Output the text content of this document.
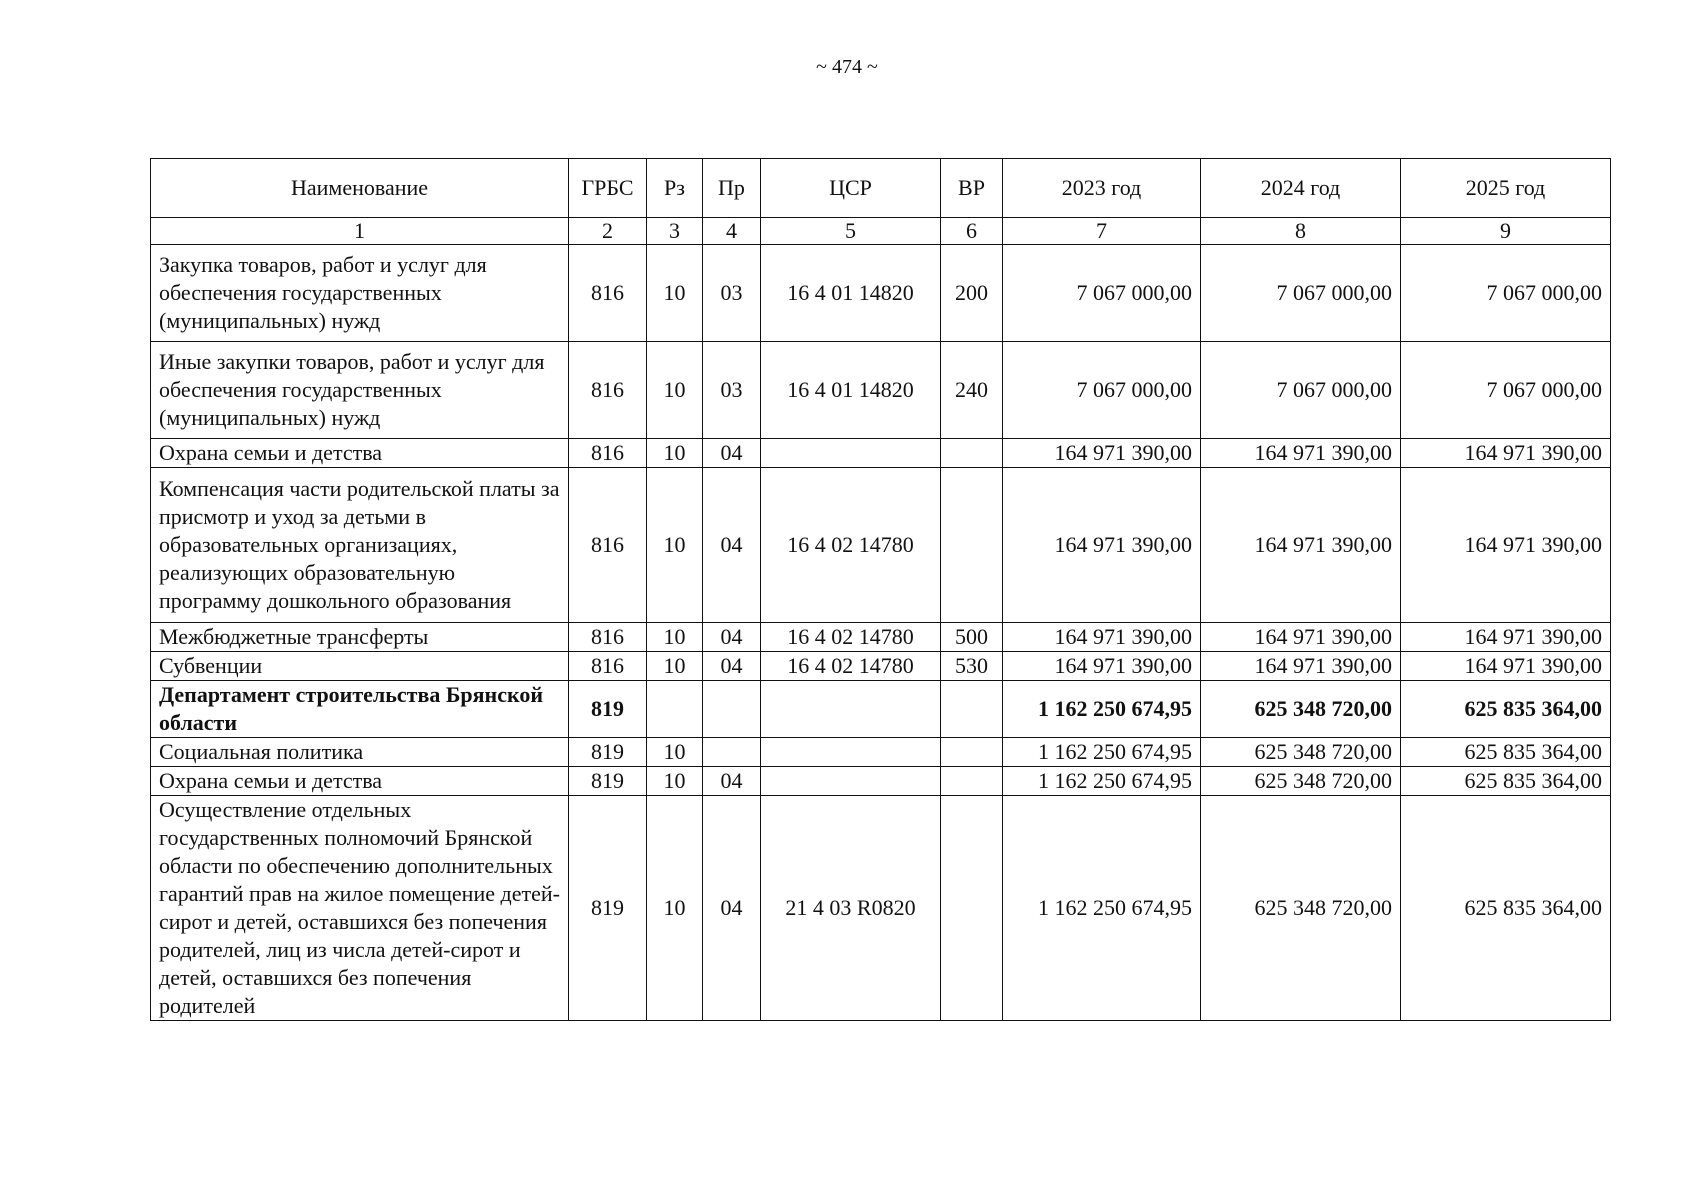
~ 474 ~
Наименование	ГРБС	Рз	Пр	ЦСР	ВР	2023 год	2024 год	2025 год
1	2	3	4	5	6	7	8	9
Закупка товаров, работ и услуг для обеспечения государственных (муниципальных) нужд	816	10	03	16 4 01 14820	200	7 067 000,00	7 067 000,00	7 067 000,00
Иные закупки товаров, работ и услуг для обеспечения государственных (муниципальных) нужд	816	10	03	16 4 01 14820	240	7 067 000,00	7 067 000,00	7 067 000,00
Охрана семьи и детства	816	10	04			164 971 390,00	164 971 390,00	164 971 390,00
Компенсация части родительской платы за присмотр и уход за детьми в образовательных организациях, реализующих образовательную программу дошкольного образования	816	10	04	16 4 02 14780		164 971 390,00	164 971 390,00	164 971 390,00
Межбюджетные трансферты	816	10	04	16 4 02 14780	500	164 971 390,00	164 971 390,00	164 971 390,00
Субвенции	816	10	04	16 4 02 14780	530	164 971 390,00	164 971 390,00	164 971 390,00
Департамент строительства Брянской области	819					1 162 250 674,95	625 348 720,00	625 835 364,00
Социальная политика	819	10				1 162 250 674,95	625 348 720,00	625 835 364,00
Охрана семьи и детства	819	10	04			1 162 250 674,95	625 348 720,00	625 835 364,00
Осуществление отдельных государственных полномочий Брянской области по обеспечению дополнительных гарантий прав на жилое помещение детей-сирот и детей, оставшихся без попечения родителей, лиц из числа детей-сирот и детей, оставшихся без попечения родителей	819	10	04	21 4 03 R0820		1 162 250 674,95	625 348 720,00	625 835 364,00
